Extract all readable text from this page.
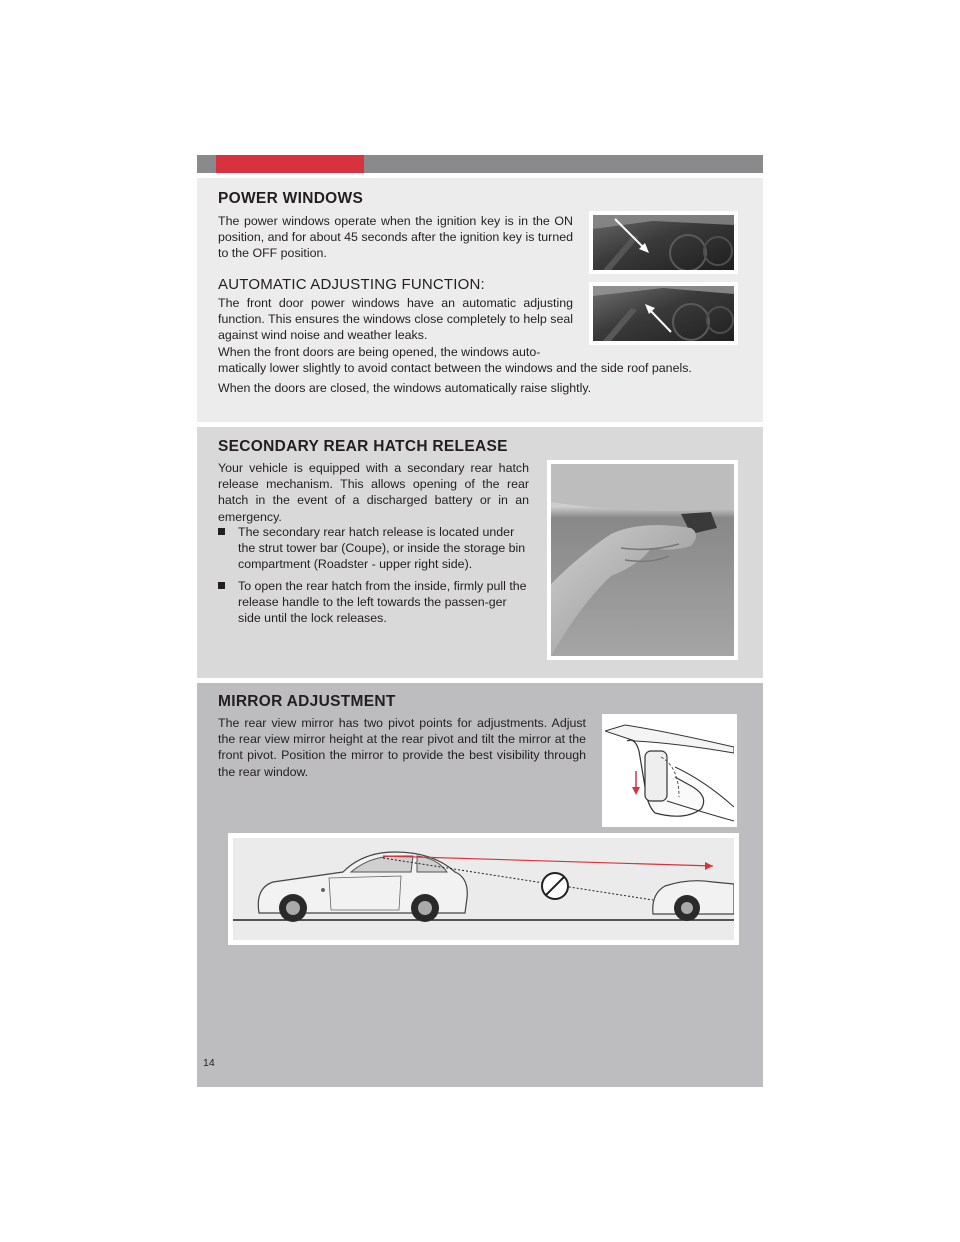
POWER WINDOWS

The power windows operate when the ignition key is in the ON position, and for about 45 seconds after the ignition key is turned to the OFF position.

AUTOMATIC ADJUSTING FUNCTION:

The front door power windows have an automatic adjusting function. This ensures the windows close completely to help seal against wind noise and weather leaks.

When the front doors are being opened, the windows auto-

matically lower slightly to avoid contact between the windows and the side roof panels.

When the doors are closed, the windows automatically raise slightly.

SECONDARY REAR HATCH RELEASE

Your vehicle is equipped with a secondary rear hatch release mechanism. This allows opening of the rear hatch in the event of a discharged battery or in an emergency.

The secondary rear hatch release is located under the strut tower bar (Coupe), or inside the storage bin compartment (Roadster - upper right side).
To open the rear hatch from the inside, firmly pull the release handle to the left towards the passen-ger side until the lock releases.
MIRROR ADJUSTMENT

The rear view mirror has two pivot points for adjustments. Adjust the rear view mirror height at the rear pivot and tilt the mirror at the front pivot. Position the mirror to provide the best visibility through the rear window.

14
